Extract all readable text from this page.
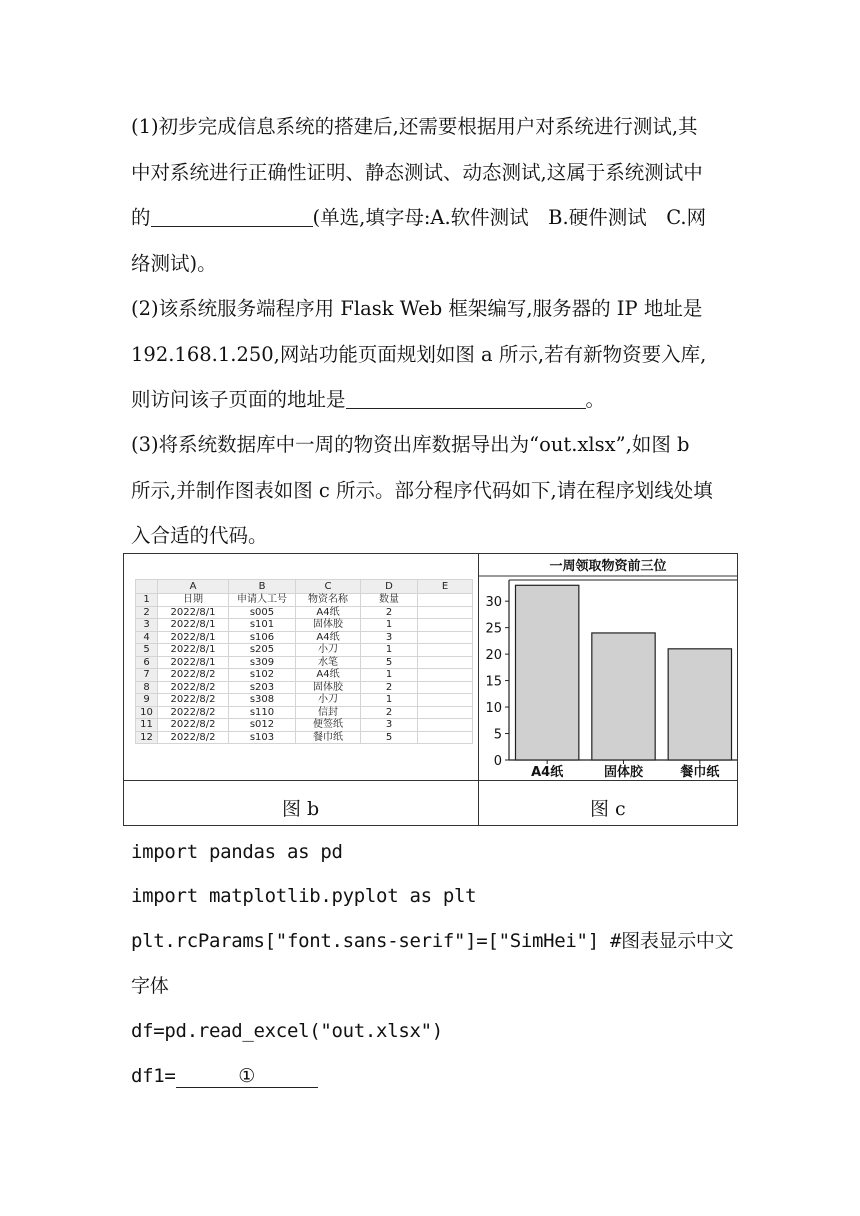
(1)初步完成信息系统的搭建后,还需要根据用户对系统进行测试,其
中对系统进行正确性证明、静态测试、动态测试,这属于系统测试中
的	(单选,填字母:A.软件测试　B.硬件测试　C.网
络测试)。
(2)该系统服务端程序用 Flask Web 框架编写,服务器的 IP 地址是
192.168.1.250,网站功能页面规划如图 a 所示,若有新物资要入库,
则访问该子页面的地址是	。
(3)将系统数据库中一周的物资出库数据导出为“out.xlsx”,如图 b
所示,并制作图表如图 c 所示。部分程序代码如下,请在程序划线处填
入合适的代码。
	A	B	C	D	E
1	日期	申请人工号	物资名称	数量	
2	2022/8/1	s005	A4纸	2	
3	2022/8/1	s101	固体胶	1	
4	2022/8/1	s106	A4纸	3	
5	2022/8/1	s205	小刀	1	
6	2022/8/1	s309	水笔	5	
7	2022/8/2	s102	A4纸	1	
8	2022/8/2	s203	固体胶	2	
9	2022/8/2	s308	小刀	1	
10	2022/8/2	s110	信封	2	
11	2022/8/2	s012	便签纸	3	
12	2022/8/2	s103	餐巾纸	5	
一周领取物资前三位
0
5
10
15
20
25
30
A4纸	固体胶	餐巾纸
图 b	图 c
import pandas as pd
import matplotlib.pyplot as plt
plt.rcParams["font.sans-serif"]=["SimHei"] #图表显示中文字体
df=pd.read_excel("out.xlsx")
df1=	①
